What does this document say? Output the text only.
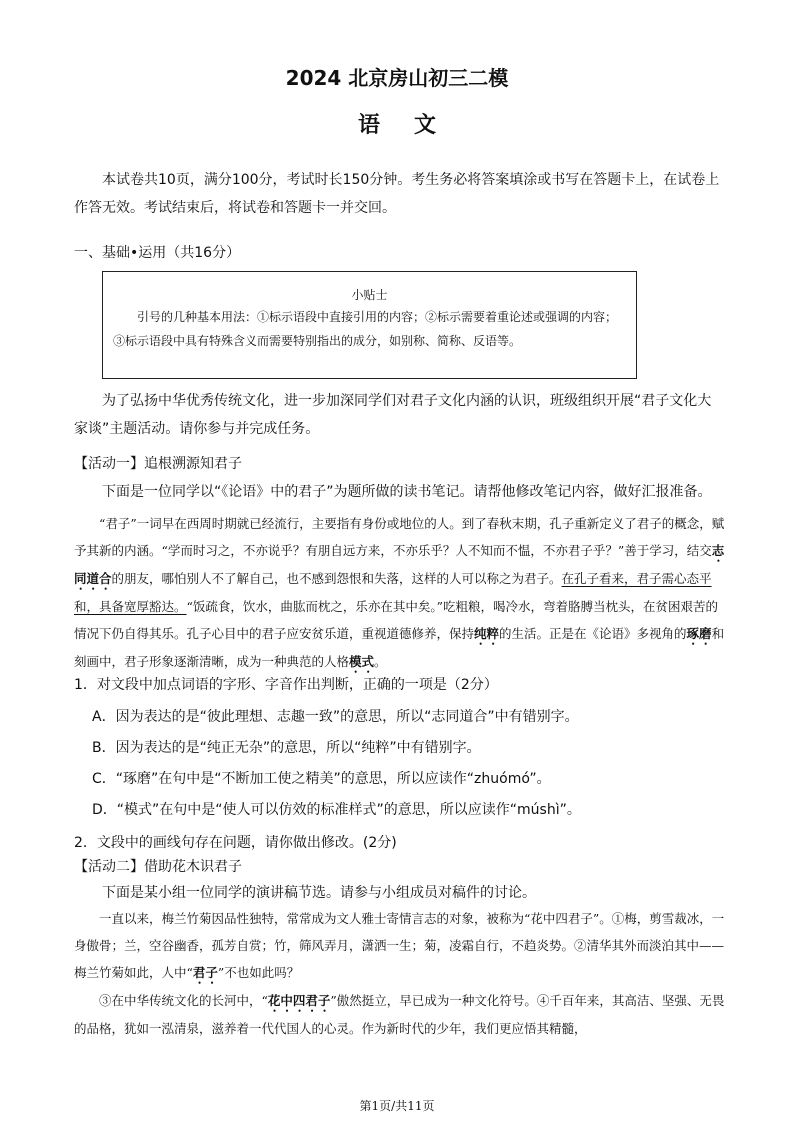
2024 北京房山初三二模
语文
本试卷共10页，满分100分，考试时长150分钟。考生务必将答案填涂或书写在答题卡上，在试卷上作答无效。考试结束后，将试卷和答题卡一并交回。
一、基础•运用（共16分）
小贴士
引号的几种基本用法：①标示语段中直接引用的内容；②标示需要着重论述或强调的内容；③标示语段中具有特殊含义而需要特别指出的成分，如别称、简称、反语等。
为了弘扬中华优秀传统文化，进一步加深同学们对君子文化内涵的认识，班级组织开展“君子文化大家谈”主题活动。请你参与并完成任务。
【活动一】追根溯源知君子
下面是一位同学以“《论语》中的君子”为题所做的读书笔记。请帮他修改笔记内容，做好汇报准备。
“君子”一词早在西周时期就已经流行，主要指有身份或地位的人。到了春秋末期，孔子重新定义了君子的概念，赋予其新的内涵。“学而时习之，不亦说乎？有朋自远方来，不亦乐乎？人不知而不愠，不亦君子乎？”善于学习，结交志同道合的朋友，哪怕别人不了解自己，也不感到怨恨和失落，这样的人可以称之为君子。在孔子看来，君子需心态平和，具备宽厚豁达。“饭疏食，饮水，曲肱而枕之，乐亦在其中矣。”吃粗粮，喝冷水，弯着胳膊当枕头，在贫困艰苦的情况下仍自得其乐。孔子心目中的君子应安贫乐道，重视道德修养，保持纯粹的生活。正是在《论语》多视角的琢磨和刻画中，君子形象逐渐清晰，成为一种典范的人格模式。
1．对文段中加点词语的字形、字音作出判断，正确的一项是（2分）
A．因为表达的是“彼此理想、志趣一致”的意思，所以“志同道合”中有错别字。
B．因为表达的是“纯正无杂”的意思，所以“纯粹”中有错别字。
C．“琢磨”在句中是“不断加工使之精美”的意思，所以应读作“zhuómó”。
D．“模式”在句中是“使人可以仿效的标准样式”的意思，所以应读作“múshì”。
2．文段中的画线句存在问题，请你做出修改。(2分)
【活动二】借助花木识君子
下面是某小组一位同学的演讲稿节选。请参与小组成员对稿件的讨论。
一直以来，梅兰竹菊因品性独特，常常成为文人雅士寄情言志的对象，被称为“花中四君子”。①梅，剪雪裁冰，一身傲骨；兰，空谷幽香，孤芳自赏；竹，筛风弄月，潇洒一生；菊，凌霜自行，不趋炎势。②清华其外而淡泊其中——梅兰竹菊如此，人中“君子”不也如此吗？
③在中华传统文化的长河中，“花中四君子”傲然挺立，早已成为一种文化符号。④千百年来，其高洁、坚强、无畏的品格，犹如一泓清泉，滋养着一代代国人的心灵。作为新时代的少年，我们更应悟其精髓，
第1页/共11页
